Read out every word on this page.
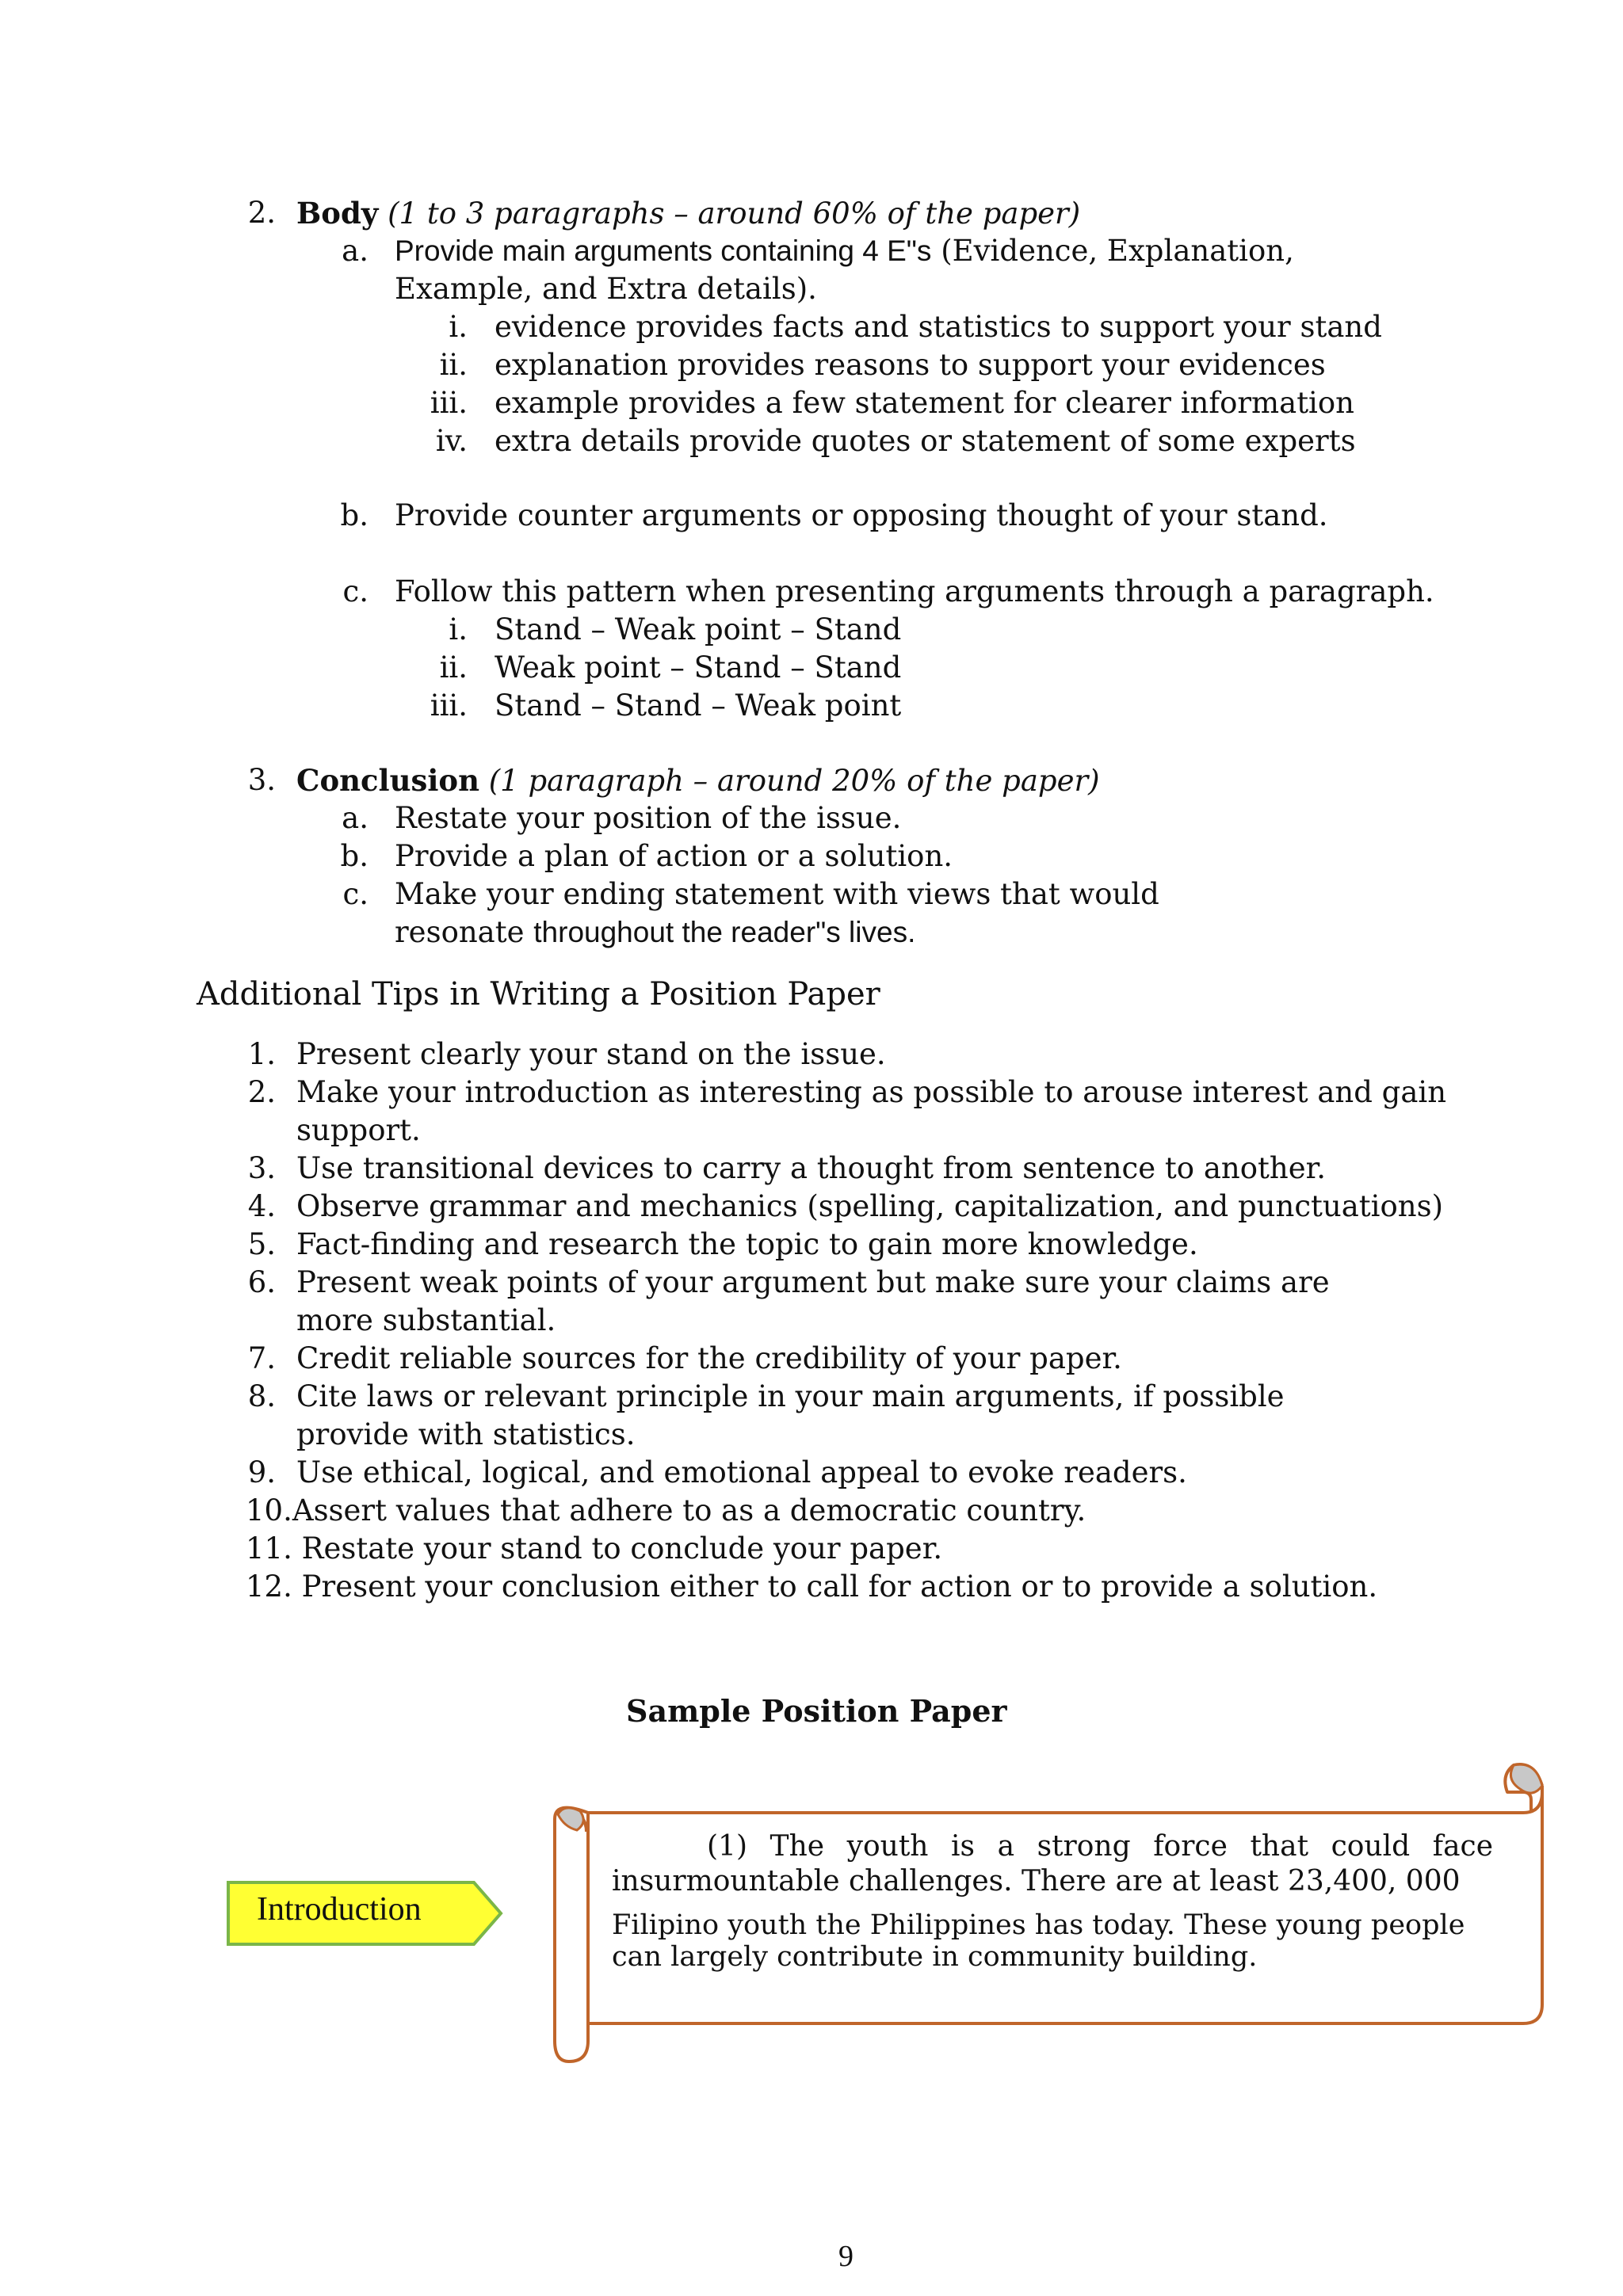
2. Body (1 to 3 paragraphs – around 60% of the paper)
a. Provide main arguments containing 4 E"s (Evidence, Explanation,
Example, and Extra details).
i. evidence provides facts and statistics to support your stand
ii. explanation provides reasons to support your evidences
iii. example provides a few statement for clearer information
iv. extra details provide quotes or statement of some experts
b. Provide counter arguments or opposing thought of your stand.
c. Follow this pattern when presenting arguments through a paragraph.
i. Stand – Weak point – Stand
ii. Weak point – Stand – Stand
iii. Stand – Stand – Weak point
3. Conclusion (1 paragraph – around 20% of the paper)
a. Restate your position of the issue.
b. Provide a plan of action or a solution.
c. Make your ending statement with views that would
resonate throughout the reader"s lives.
Additional Tips in Writing a Position Paper
1. Present clearly your stand on the issue.
2. Make your introduction as interesting as possible to arouse interest and gain
support.
3. Use transitional devices to carry a thought from sentence to another.
4. Observe grammar and mechanics (spelling, capitalization, and punctuations)
5. Fact-finding and research the topic to gain more knowledge.
6. Present weak points of your argument but make sure your claims are
more substantial.
7. Credit reliable sources for the credibility of your paper.
8. Cite laws or relevant principle in your main arguments, if possible
provide with statistics.
9. Use ethical, logical, and emotional appeal to evoke readers.
10.Assert values that adhere to as a democratic country.
11. Restate your stand to conclude your paper.
12. Present your conclusion either to call for action or to provide a solution.
Sample Position Paper
Introduction
(1) The youth is a strong force that could face
insurmountable challenges. There are at least 23,400, 000
Filipino youth the Philippines has today. These young people
can largely contribute in community building.
9
